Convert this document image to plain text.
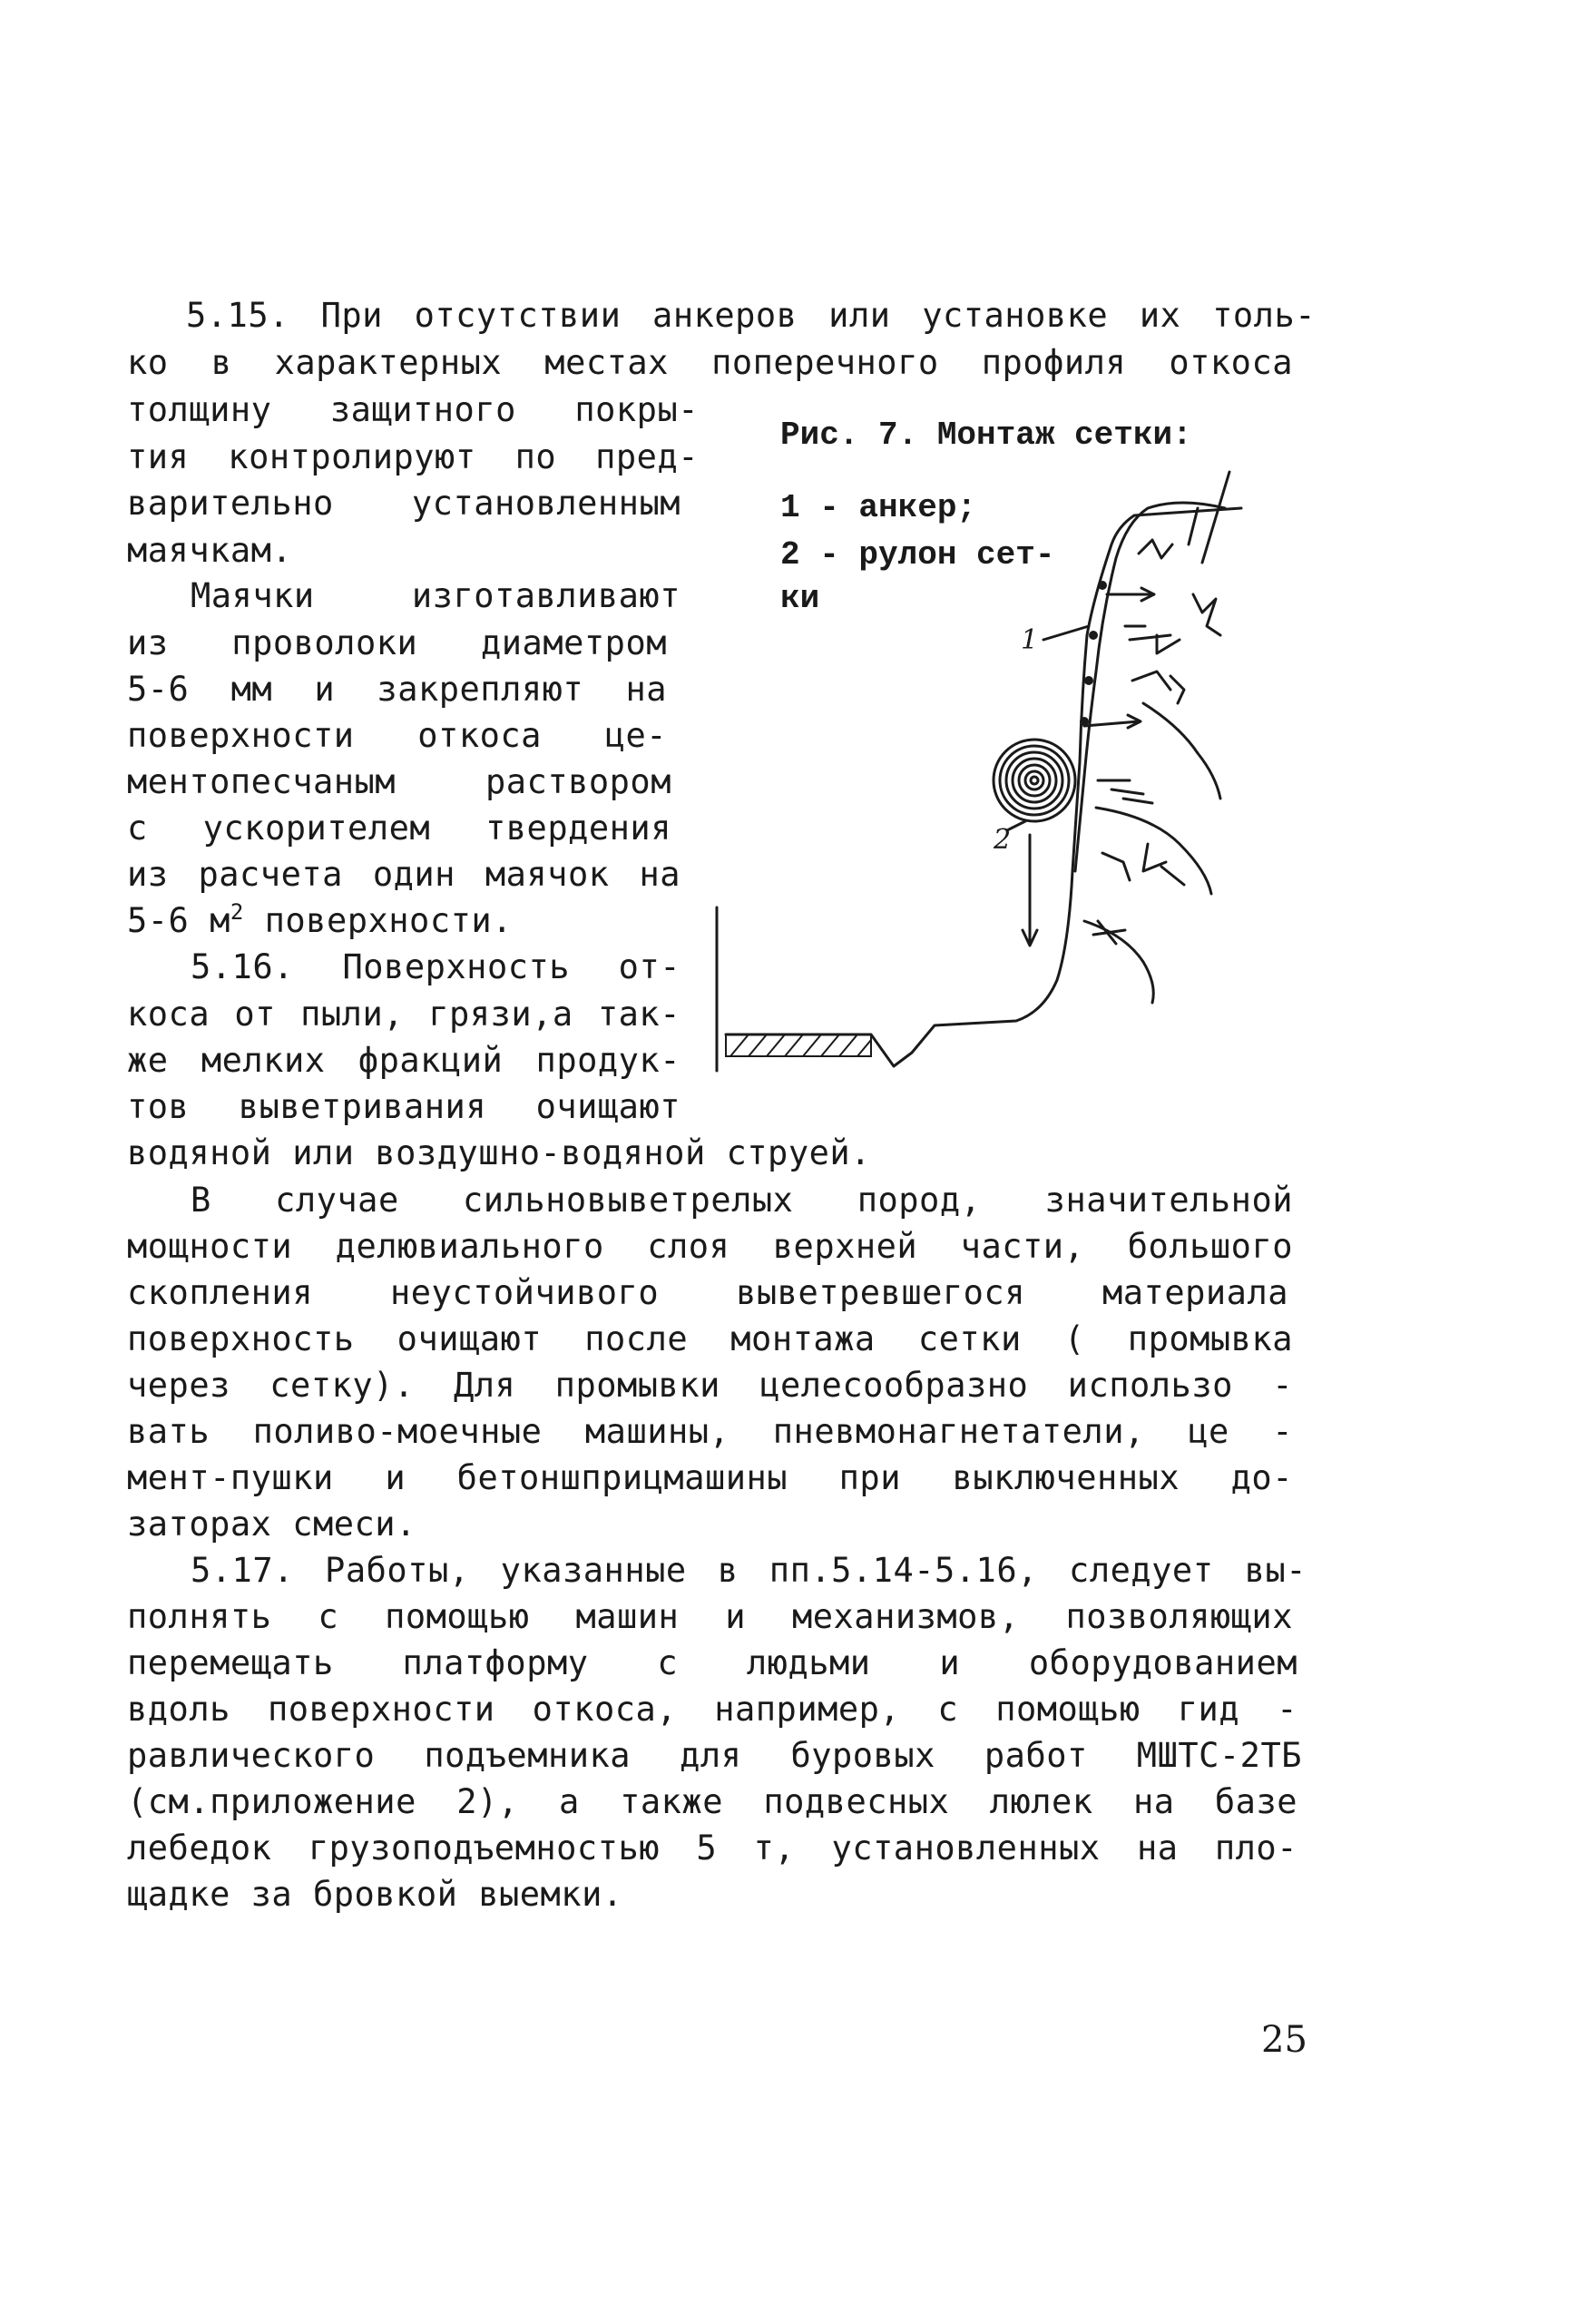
5.15. При отсутствии анкеров или установке их толь-
ко в характерных местах поперечного профиля откоса
толщину защитного покры-
тия контролируют по пред-
варительно установленным
маячкам.
Маячки изготавливают
из проволоки диаметром
5-6 мм и закрепляют на
поверхности откоса це-
ментопесчаным раствором
с ускорителем твердения
из расчета один маячок на
5-6 $м^2$ поверхности.
5.16. Поверхность от-
коса от пыли, грязи,а так-
же мелких фракций продук-
тов выветривания очищают
Рис. 7. Монтаж сетки:
1 - анкер;
2 - рулон сет-
ки
1
2
водяной или воздушно-водяной струей.
В случае сильновыветрелых пород, значительной
мощности делювиального слоя верхней части, большого
скопления неустойчивого выветревшегося материала
поверхность очищают после монтажа сетки ( промывка
через сетку). Для промывки целесообразно использо -
вать поливо-моечные машины, пневмонагнетатели, це -
мент-пушки и бетоншприцмашины при выключенных до-
заторах смеси.
5.17. Работы, указанные в пп.5.14-5.16, следует вы-
полнять с помощью машин и механизмов, позволяющих
перемещать платформу с людьми и оборудованием
вдоль поверхности откоса, например, с помощью гид -
равлического подъемника для буровых работ МШТС-2ТБ
(см.приложение 2), а также подвесных люлек на базе
лебедок грузоподъемностью 5 т, установленных на пло-
щадке за бровкой выемки.
25
